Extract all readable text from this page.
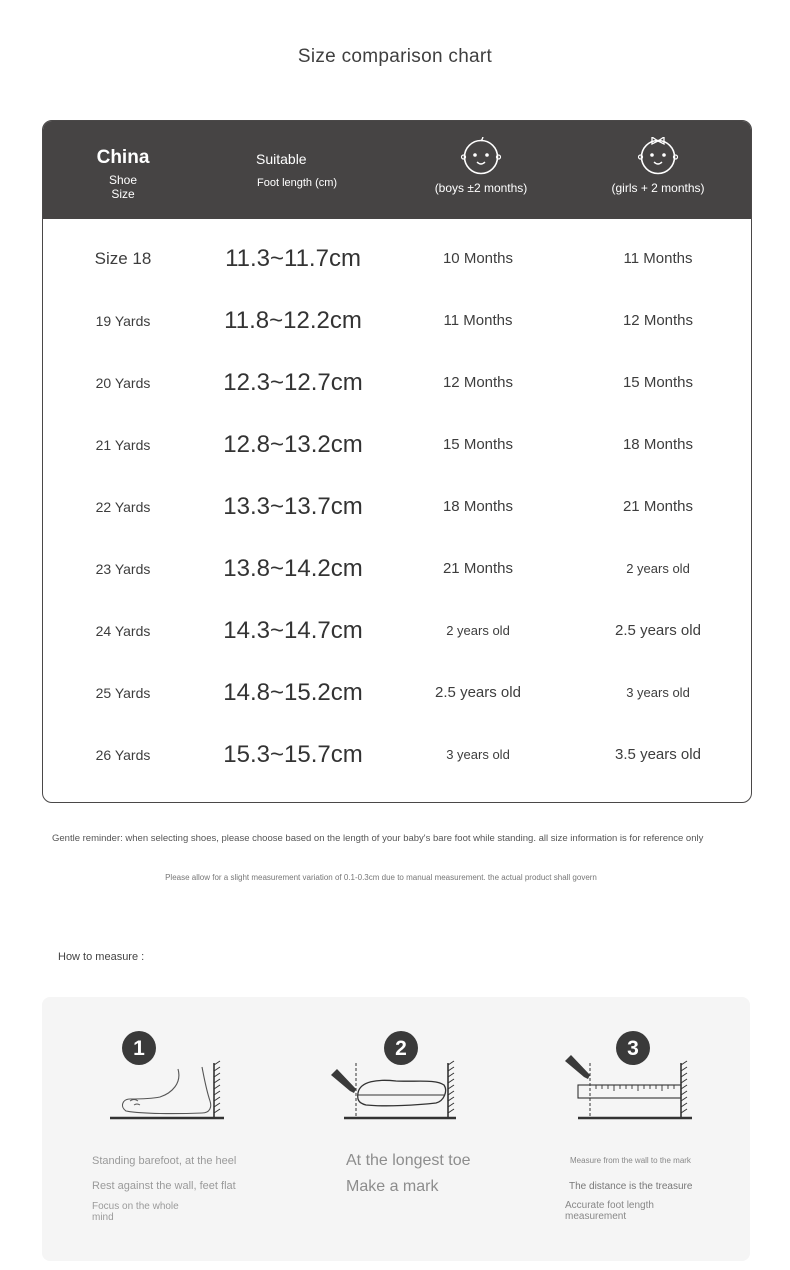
Size comparison chart
China
Shoe
Size
Suitable
Foot length (cm)	(boys ±2 months)	(girls + 2 months)
Size 18	11.3~11.7cm	10 Months	11 Months
19 Yards	11.8~12.2cm	11 Months	12 Months
20 Yards	12.3~12.7cm	12 Months	15 Months
21 Yards	12.8~13.2cm	15 Months	18 Months
22 Yards	13.3~13.7cm	18 Months	21 Months
23 Yards	13.8~14.2cm	21 Months	2 years old
24 Yards	14.3~14.7cm	2 years old	2.5 years old
25 Yards	14.8~15.2cm	2.5 years old	3 years old
26 Yards	15.3~15.7cm	3 years old	3.5 years old
Gentle reminder: when selecting shoes, please choose based on the length of your baby's bare foot while standing. all size information is for reference only
Please allow for a slight measurement variation of 0.1-0.3cm due to manual measurement. the actual product shall govern
How to measure :
1	2	3
Standing barefoot, at the heel
Rest against the wall, feet flat
Focus on the whole mind
At the longest toe
Make a mark
Measure from the wall to the mark
The distance is the treasure
Accurate foot length measurement
